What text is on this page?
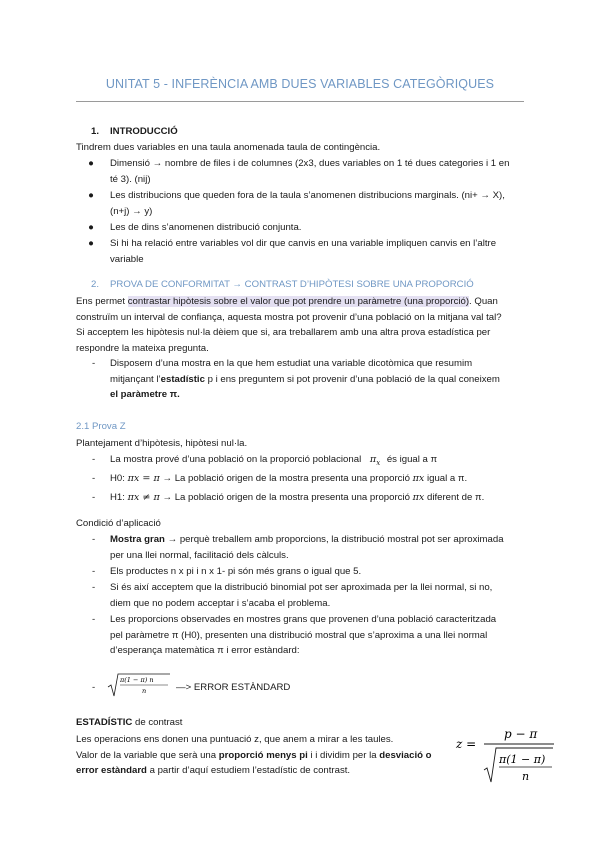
UNITAT 5 - INFERÈNCIA AMB DUES VARIABLES CATEGÒRIQUES
1. INTRODUCCIÓ
Tindrem dues variables en una taula anomenada taula de contingència.
● Dimensió → nombre de files i de columnes (2x3, dues variables on 1 té dues categories i 1 en
té 3). (nij)
● Les distribucions que queden fora de la taula s’anomenen distribucions marginals. (ni+ → X),
(n+j) → y)
● Les de dins s’anomenen distribució conjunta.
● Si hi ha relació entre variables vol dir que canvis en una variable impliquen canvis en l’altre
variable
2. PROVA DE CONFORMITAT → CONTRAST D’HIPÒTESI SOBRE UNA PROPORCIÓ
Ens permet contrastar hipòtesis sobre el valor que pot prendre un paràmetre (una proporció). Quan
construïm un interval de confiança, aquesta mostra pot provenir d’una població on la mitjana val tal?
Si acceptem les hipòtesis nul·la dèiem que si, ara treballarem amb una altra prova estadística per
respondre la mateixa pregunta.
-	Disposem d’una mostra en la que hem estudiat una variable dicotòmica que resumim
mitjançant l’estadístic p i ens preguntem si pot provenir d’una població de la qual coneixem
el paràmetre π.
2.1 Prova Z
Plantejament d’hipòtesis, hipòtesi nul·la.
-	La mostra prové d’una població on la proporció poblacional $\pi_x$ és igual a π
-	H0: πx = π → La població origen de la mostra presenta una proporció πx igual a π.
-	H1: πx ≠ π → La població origen de la mostra presenta una proporció πx diferent de π.
Condició d’aplicació
-	Mostra gran → perquè treballem amb proporcions, la distribució mostral pot ser aproximada
per una llei normal, facilitació dels càlculs.
-	Els productes n x pi i n x 1- pi són més grans o igual que 5.
-	Si és així acceptem que la distribució binomial pot ser aproximada per la llei normal, si no,
diem que no podem acceptar i s’acaba el problema.
-	Les proporcions observades en mostres grans que provenen d’una població caracteritzada
pel paràmetre π (H0), presenten una distribució mostral que s’aproxima a una llei normal
d’esperança matemàtica π i error estàndard:
-
π(1 − π) n
n	—> ERROR ESTÀNDARD
ESTADÍSTIC de contrast
Les operacions ens donen una puntuació z, que anem a mirar a les taules.
Valor de la variable que serà una proporció menys pi i i dividim per la desviació o
error estàndard a partir d’aquí estudiem l’estadístic de contrast.
z =
p − π
π(1 − π)
n
